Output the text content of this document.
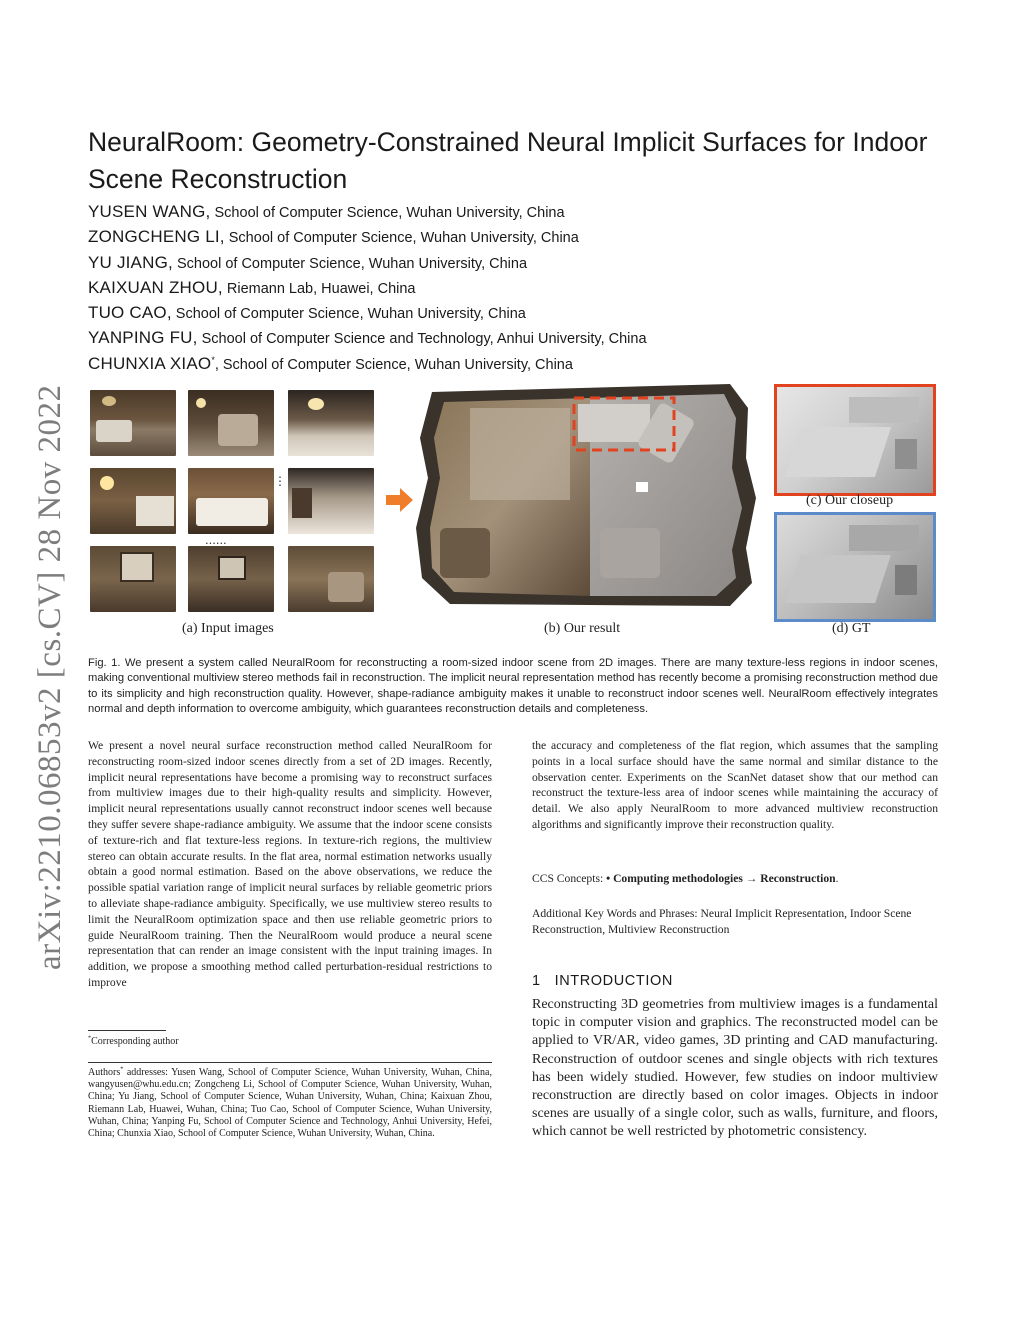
arXiv:2210.06853v2 [cs.CV] 28 Nov 2022
NeuralRoom: Geometry-Constrained Neural Implicit Surfaces for Indoor Scene Reconstruction
YUSEN WANG, School of Computer Science, Wuhan University, China
ZONGCHENG LI, School of Computer Science, Wuhan University, China
YU JIANG, School of Computer Science, Wuhan University, China
KAIXUAN ZHOU, Riemann Lab, Huawei, China
TUO CAO, School of Computer Science, Wuhan University, China
YANPING FU, School of Computer Science and Technology, Anhui University, China
CHUNXIA XIAO*, School of Computer Science, Wuhan University, China
⋮
......
(c) Our closeup
(a) Input images	(b) Our result	(d) GT
Fig. 1. We present a system called NeuralRoom for reconstructing a room-sized indoor scene from 2D images. There are many texture-less regions in indoor scenes, making conventional multiview stereo methods fail in reconstruction. The implicit neural representation method has recently become a promising reconstruction method due to its simplicity and high reconstruction quality. However, shape-radiance ambiguity makes it unable to reconstruct indoor scenes well. NeuralRoom effectively integrates normal and depth information to overcome ambiguity, which guarantees reconstruction details and completeness.
We present a novel neural surface reconstruction method called NeuralRoom for reconstructing room-sized indoor scenes directly from a set of 2D images. Recently, implicit neural representations have become a promising way to reconstruct surfaces from multiview images due to their high-quality results and simplicity. However, implicit neural representations usually cannot reconstruct indoor scenes well because they suffer severe shape-radiance ambiguity. We assume that the indoor scene consists of texture-rich and flat texture-less regions. In texture-rich regions, the multiview stereo can obtain accurate results. In the flat area, normal estimation networks usually obtain a good normal estimation. Based on the above observations, we reduce the possible spatial variation range of implicit neural surfaces by reliable geometric priors to alleviate shape-radiance ambiguity. Specifically, we use multiview stereo results to limit the NeuralRoom optimization space and then use reliable geometric priors to guide NeuralRoom training. Then the NeuralRoom would produce a neural scene representation that can render an image consistent with the input training images. In addition, we propose a smoothing method called perturbation-residual restrictions to improve
the accuracy and completeness of the flat region, which assumes that the sampling points in a local surface should have the same normal and similar distance to the observation center. Experiments on the ScanNet dataset show that our method can reconstruct the texture-less area of indoor scenes while maintaining the accuracy of detail. We also apply NeuralRoom to more advanced multiview reconstruction algorithms and significantly improve their reconstruction quality.
CCS Concepts: • Computing methodologies → Reconstruction.
Additional Key Words and Phrases: Neural Implicit Representation, Indoor Scene Reconstruction, Multiview Reconstruction
1 INTRODUCTION
Reconstructing 3D geometries from multiview images is a fundamental topic in computer vision and graphics. The reconstructed model can be applied to VR/AR, video games, 3D printing and CAD manufacturing. Reconstruction of outdoor scenes and single objects with rich textures has been widely studied. However, few studies on indoor multiview reconstruction are directly based on color images. Objects in indoor scenes are usually of a single color, such as walls, furniture, and floors, which cannot be well restricted by photometric consistency.
*Corresponding author
Authors* addresses: Yusen Wang, School of Computer Science, Wuhan University, Wuhan, China, wangyusen@whu.edu.cn; Zongcheng Li, School of Computer Science, Wuhan University, Wuhan, China; Yu Jiang, School of Computer Science, Wuhan University, Wuhan, China; Kaixuan Zhou, Riemann Lab, Huawei, Wuhan, China; Tuo Cao, School of Computer Science, Wuhan University, Wuhan, China; Yanping Fu, School of Computer Science and Technology, Anhui University, Hefei, China; Chunxia Xiao, School of Computer Science, Wuhan University, Wuhan, China.
